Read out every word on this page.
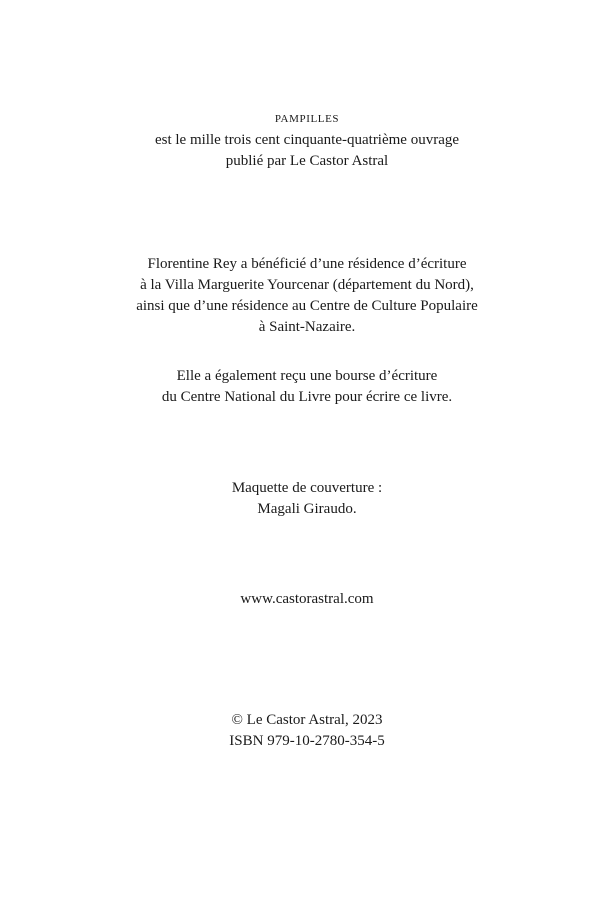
PAMPILLES
est le mille trois cent cinquante-quatrième ouvrage
publié par Le Castor Astral
Florentine Rey a bénéficié d’une résidence d’écriture
à la Villa Marguerite Yourcenar (département du Nord),
ainsi que d’une résidence au Centre de Culture Populaire
à Saint-Nazaire.
Elle a également reçu une bourse d’écriture
du Centre National du Livre pour écrire ce livre.
Maquette de couverture :
Magali Giraudo.
www.castorastral.com
© Le Castor Astral, 2023
ISBN 979-10-2780-354-5
